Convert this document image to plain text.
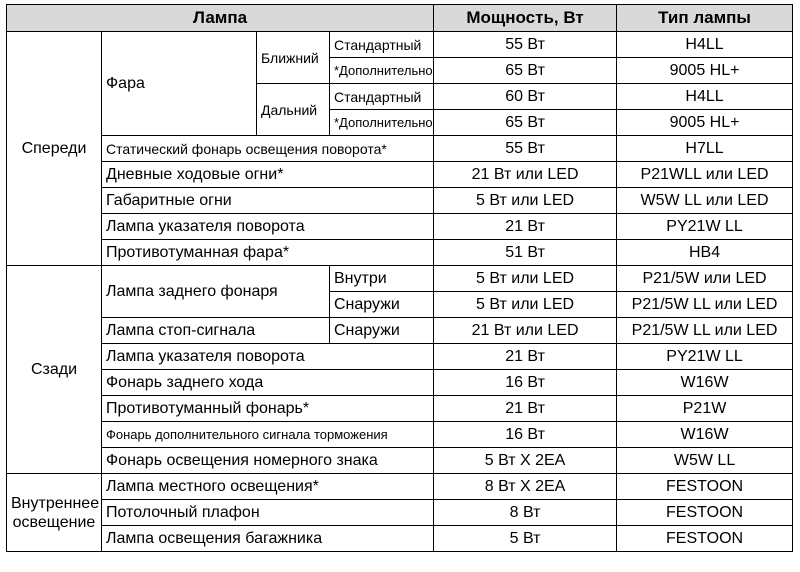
Лампа				Мощность, Вт	Тип лампы
Спереди	Фара	Ближний	Стандартный	55 Вт	H4LL
			*Дополнительно	65 Вт	9005 HL+
		Дальний	Стандартный	60 Вт	H4LL
			*Дополнительно	65 Вт	9005 HL+
	Статический фонарь освещения поворота*			55 Вт	H7LL
	Дневные ходовые огни*			21 Вт или LED	P21WLL или LED
	Габаритные огни			5 Вт или LED	W5W LL или LED
	Лампа указателя поворота			21 Вт	PY21W LL
	Противотуманная фара*			51 Вт	HB4
Сзади	Лампа заднего фонаря		Внутри	5 Вт или LED	P21/5W или LED
			Снаружи	5 Вт или LED	P21/5W LL или LED
	Лампа стоп-сигнала		Снаружи	21 Вт или LED	P21/5W LL или LED
	Лампа указателя поворота			21 Вт	PY21W LL
	Фонарь заднего хода			16 Вт	W16W
	Противотуманный фонарь*			21 Вт	P21W
	Фонарь дополнительного сигнала торможения			16 Вт	W16W
	Фонарь освещения номерного знака			5 Вт X 2EA	W5W LL
Внутреннее освещение	Лампа местного освещения*			8 Вт X 2EA	FESTOON
	Потолочный плафон			8 Вт	FESTOON
	Лампа освещения багажника			5 Вт	FESTOON
